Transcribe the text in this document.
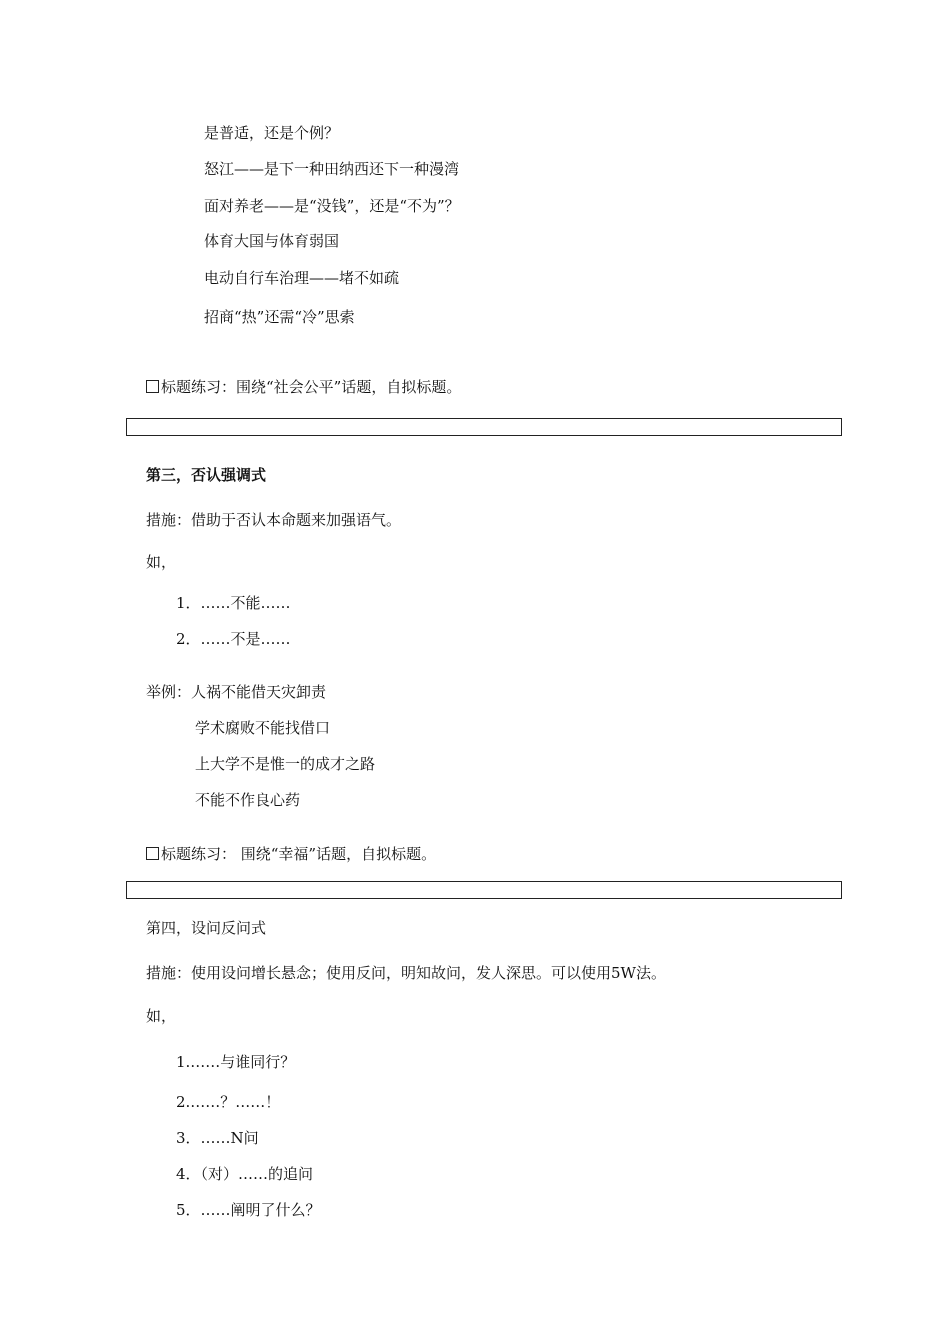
是普适，还是个例？
怒江——是下一种田纳西还下一种漫湾
面对养老——是“没钱”，还是“不为”？
体育大国与体育弱国
电动自行车治理——堵不如疏
招商“热”还需“冷”思索
标题练习：围绕“社会公平”话题，自拟标题。
第三，否认强调式
措施：借助于否认本命题来加强语气。
如，
1．……不能……
2．……不是……
举例：人祸不能借天灾卸责
学术腐败不能找借口
上大学不是惟一的成才之路
不能不作良心药
标题练习： 围绕“幸福”话题，自拟标题。
第四，设问反问式
措施：使用设问增长悬念；使用反问，明知故问，发人深思。可以使用5W法。
如，
1.……与谁同行？
2.……？……！
3．……N问
4．（对）……的追问
5．……阐明了什么？
